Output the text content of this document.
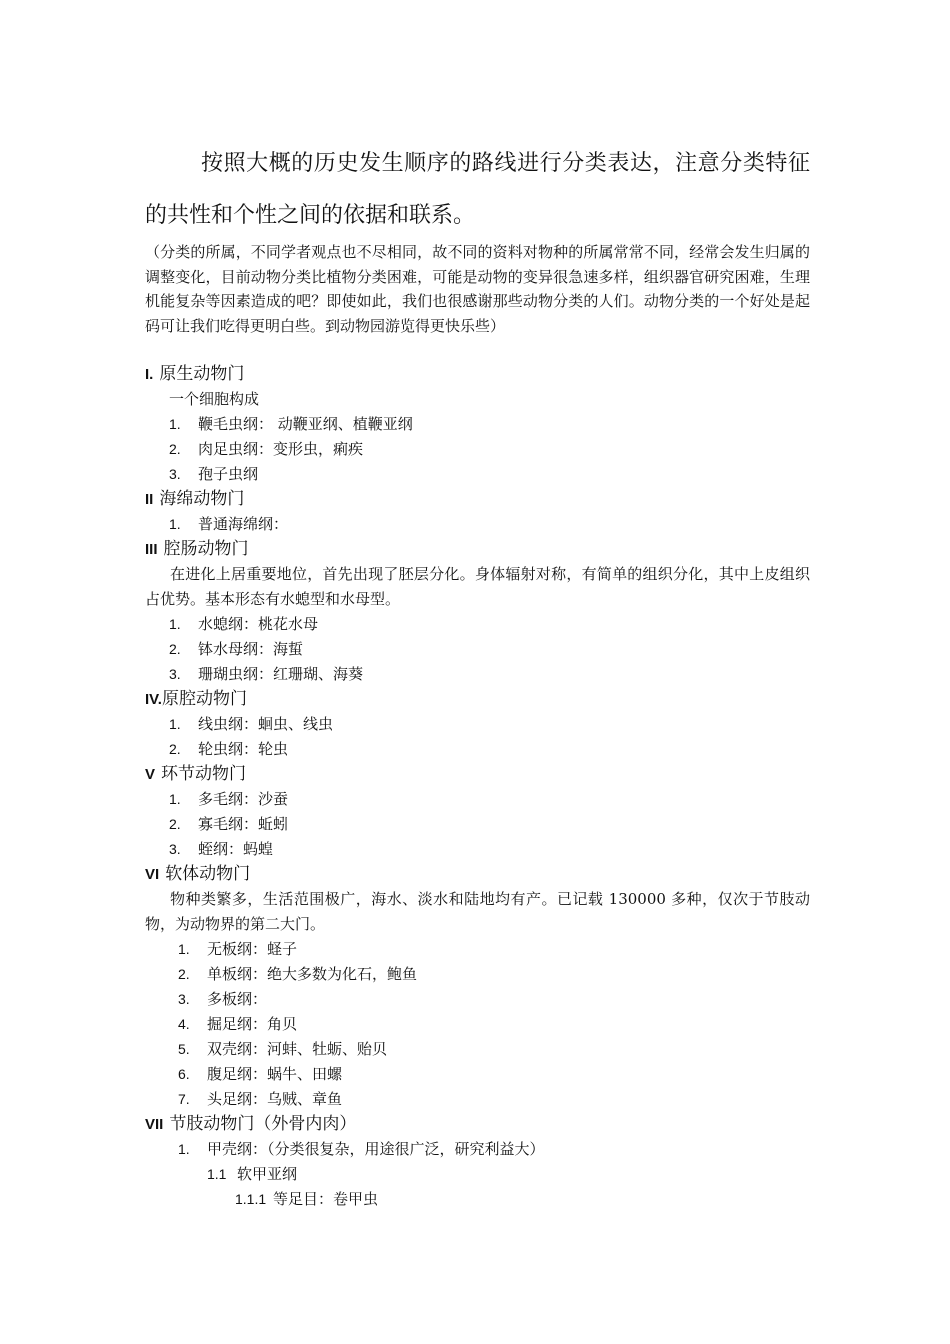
按照大概的历史发生顺序的路线进行分类表达，注意分类特征的共性和个性之间的依据和联系。

（分类的所属，不同学者观点也不尽相同，故不同的资料对物种的所属常常不同，经常会发生归属的调整变化，目前动物分类比植物分类困难，可能是动物的变异很急速多样，组织器官研究困难，生理机能复杂等因素造成的吧？即使如此，我们也很感谢那些动物分类的人们。动物分类的一个好处是起码可让我们吃得更明白些。到动物园游览得更快乐些）

I. 原生动物门
一个细胞构成
1. 鞭毛虫纲： 动鞭亚纲、植鞭亚纲
2. 肉足虫纲：变形虫，痢疾
3. 孢子虫纲
II 海绵动物门
1. 普通海绵纲：
III 腔肠动物门

在进化上居重要地位，首先出现了胚层分化。身体辐射对称，有简单的组织分化，其中上皮组织占优势。基本形态有水螅型和水母型。

1. 水螅纲：桃花水母
2. 钵水母纲：海蜇
3. 珊瑚虫纲：红珊瑚、海葵
IV.原腔动物门
1. 线虫纲：蛔虫、线虫
2. 轮虫纲：轮虫
V 环节动物门
1. 多毛纲：沙蚕
2. 寡毛纲：蚯蚓
3. 蛭纲：蚂蝗
VI 软体动物门

物种类繁多，生活范围极广，海水、淡水和陆地均有产。已记载 130000 多种，仅次于节肢动物，为动物界的第二大门。

1. 无板纲：蛏子
2. 单板纲：绝大多数为化石，鲍鱼
3. 多板纲：
4. 掘足纲：角贝
5. 双壳纲：河蚌、牡蛎、贻贝
6. 腹足纲：蜗牛、田螺
7. 头足纲：乌贼、章鱼
VII 节肢动物门（外骨内肉）
1. 甲壳纲：（分类很复杂，用途很广泛，研究利益大）
1.1 软甲亚纲
1.1.1 等足目：卷甲虫
